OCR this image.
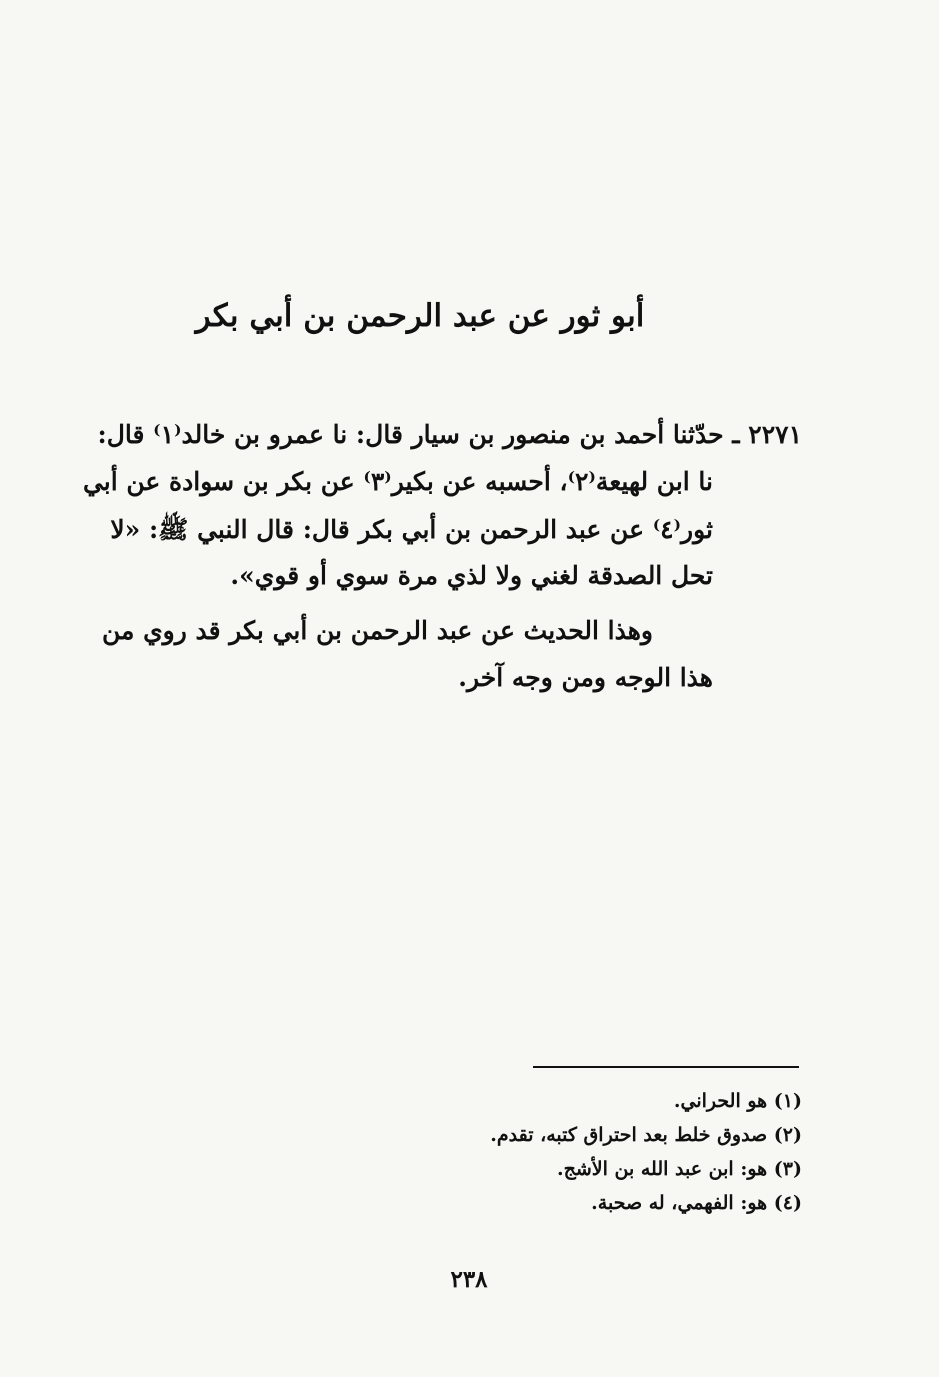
أبو ثور عن عبد الرحمن بن أبي بكر
٢٢٧١ ـ حدّثنا أحمد بن منصور بن سيار قال: نا عمرو بن خالد⁽١⁾ قال:
نا ابن لهيعة⁽٢⁾، أحسبه عن بكير⁽٣⁾ عن بكر بن سوادة عن أبي
ثور⁽٤⁾ عن عبد الرحمن بن أبي بكر قال: قال النبي ﷺ: «لا
تحل الصدقة لغني ولا لذي مرة سوي أو قوي».
وهذا الحديث عن عبد الرحمن بن أبي بكر قد روي من
هذا الوجه ومن وجه آخر.
(١) هو الحراني.
(٢) صدوق خلط بعد احتراق كتبه، تقدم.
(٣) هو: ابن عبد الله بن الأشج.
(٤) هو: الفهمي، له صحبة.
٢٣٨
